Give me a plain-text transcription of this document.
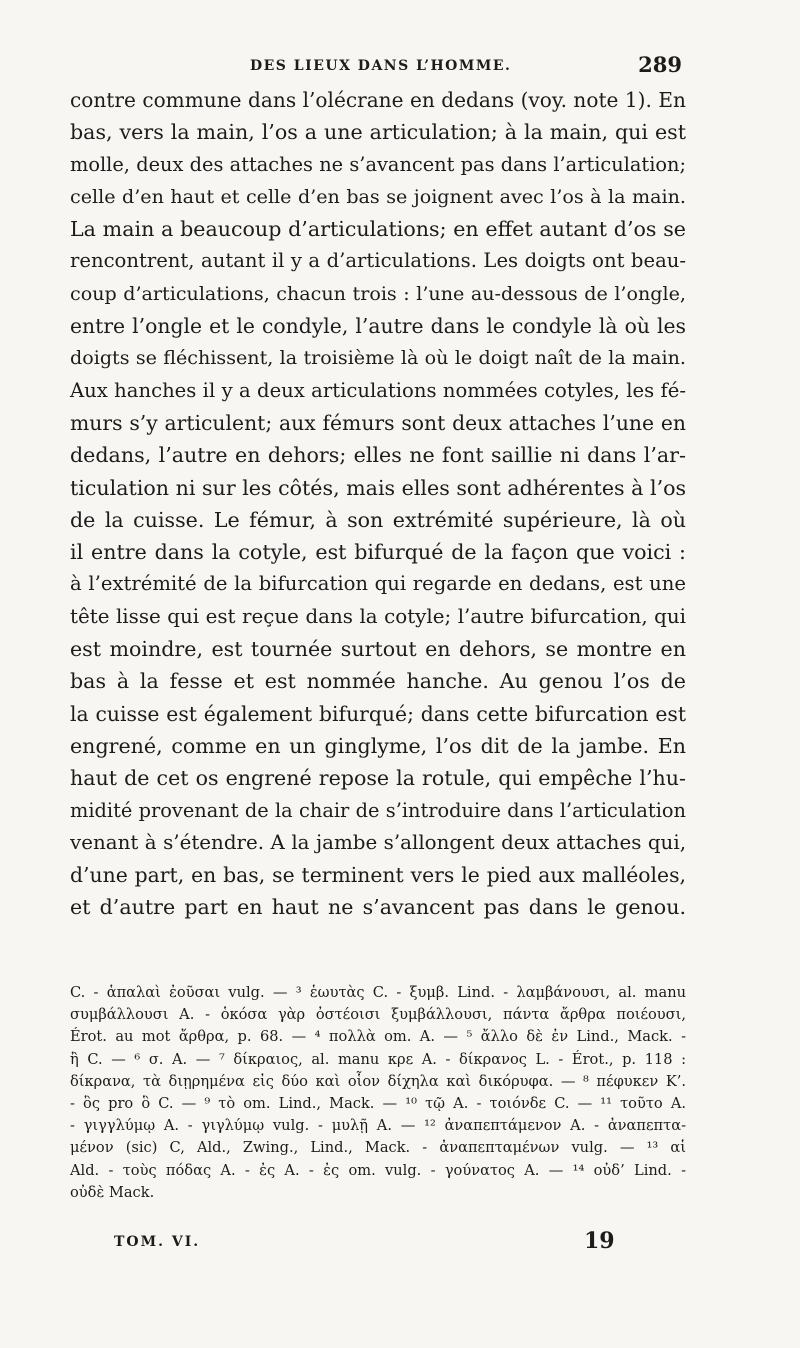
DES LIEUX DANS L’HOMME.	289
contre commune dans l’olécrane en dedans (voy. note 1). En
bas, vers la main, l’os a une articulation; à la main, qui est
molle, deux des attaches ne s’avancent pas dans l’articulation;
celle d’en haut et celle d’en bas se joignent avec l’os à la main.
La main a beaucoup d’articulations; en effet autant d’os se
rencontrent, autant il y a d’articulations. Les doigts ont beau-
coup d’articulations, chacun trois : l’une au-dessous de l’ongle,
entre l’ongle et le condyle, l’autre dans le condyle là où les
doigts se fléchissent, la troisième là où le doigt naît de la main.
Aux hanches il y a deux articulations nommées cotyles, les fé-
murs s’y articulent; aux fémurs sont deux attaches l’une en
dedans, l’autre en dehors; elles ne font saillie ni dans l’ar-
ticulation ni sur les côtés, mais elles sont adhérentes à l’os
de la cuisse. Le fémur, à son extrémité supérieure, là où
il entre dans la cotyle, est bifurqué de la façon que voici :
à l’extrémité de la bifurcation qui regarde en dedans, est une
tête lisse qui est reçue dans la cotyle; l’autre bifurcation, qui
est moindre, est tournée surtout en dehors, se montre en
bas à la fesse et est nommée hanche. Au genou l’os de
la cuisse est également bifurqué; dans cette bifurcation est
engrené, comme en un ginglyme, l’os dit de la jambe. En
haut de cet os engrené repose la rotule, qui empêche l’hu-
midité provenant de la chair de s’introduire dans l’articulation
venant à s’étendre. A la jambe s’allongent deux attaches qui,
d’une part, en bas, se terminent vers le pied aux malléoles,
et d’autre part en haut ne s’avancent pas dans le genou.
C. - ἁπαλαὶ ἐοῦσαι vulg. — ³ ἑωυτὰς C. - ξυμβ. Lind. - λαμβάνουσι, al. manu
συμβάλλουσι A. - ὁκόσα γὰρ ὀστέοισι ξυμβάλλουσι, πάντα ἄρθρα ποιέουσι,
Érot. au mot ἄρθρα, p. 68. — ⁴ πολλὰ om. A. — ⁵ ἄλλο δὲ ἐν Lind., Mack. -
ἢ C. — ⁶ σ. A. — ⁷ δίκραιος, al. manu κρε A. - δίκρανος L. - Érot., p. 118 :
δίκρανα, τὰ διῃρημένα εἰς δύο καὶ οἷον δίχηλα καὶ δικόρυφα. — ⁸ πέφυκεν K’.
- ὃς pro ὃ C. — ⁹ τὸ om. Lind., Mack. — ¹⁰ τῷ A. - τοιόνδε C. — ¹¹ τοῦτο A.
- γιγγλύμῳ A. - γιγλύμῳ vulg. - μυλῇ A. — ¹² ἀναπεπτάμενον A. - ἀναπεπτα-
μένον (sic) C, Ald., Zwing., Lind., Mack. - ἀναπεπταμένων vulg. — ¹³ αἱ
Ald. - τοὺς πόδας A. - ἐς A. - ἐς om. vulg. - γούνατος A. — ¹⁴ οὐδ’ Lind. -
οὐδὲ Mack.
TOM. VI.	19
